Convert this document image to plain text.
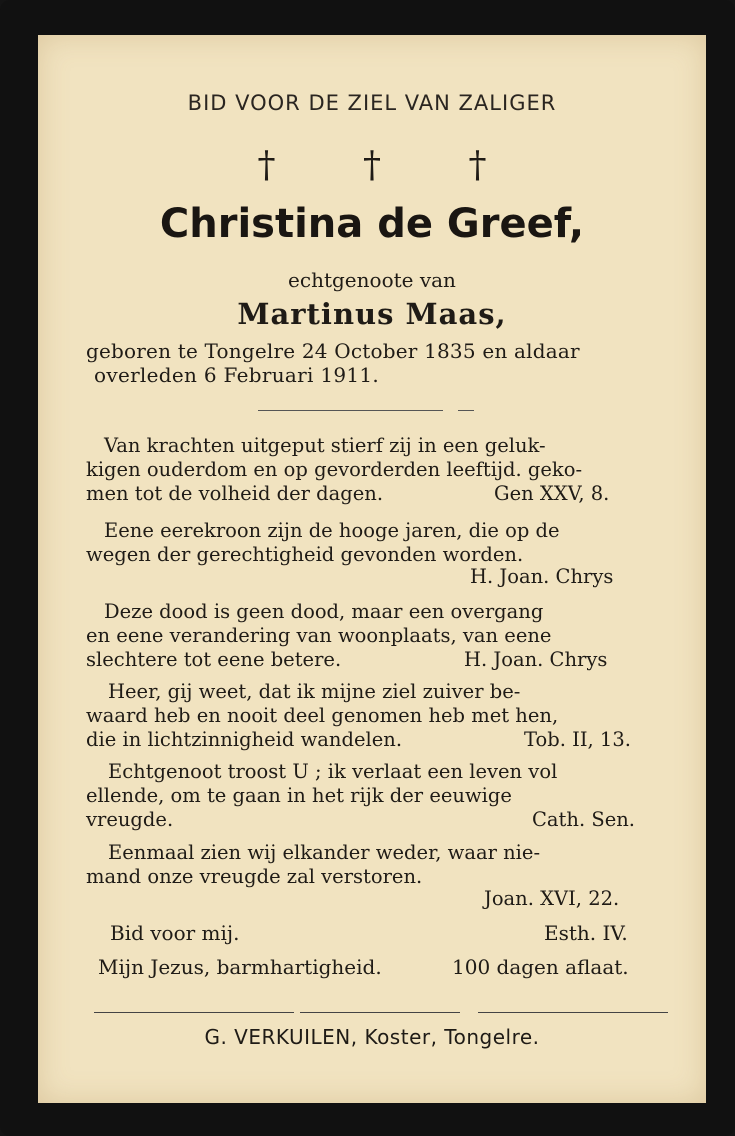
BID VOOR DE ZIEL VAN ZALIGER
† † †
Christina de Greef,
echtgenoote van
Martinus Maas,
geboren te Tongelre 24 October 1835 en aldaar
overleden 6 Februari 1911.
Van krachten uitgeput stierf zij in een geluk-
kigen ouderdom en op gevorderden leeftijd. geko-
men tot de volheid der dagen.	Gen XXV, 8.
Eene eerekroon zijn de hooge jaren, die op de
wegen der gerechtigheid gevonden worden.
H. Joan. Chrys
Deze dood is geen dood, maar een overgang
en eene verandering van woonplaats, van eene
slechtere tot eene betere.	H. Joan. Chrys
Heer, gij weet, dat ik mijne ziel zuiver be-
waard heb en nooit deel genomen heb met hen,
die in lichtzinnigheid wandelen.	Tob. II, 13.
Echtgenoot troost U ; ik verlaat een leven vol
ellende, om te gaan in het rijk der eeuwige
vreugde.	Cath. Sen.
Eenmaal zien wij elkander weder, waar nie-
mand onze vreugde zal verstoren.
Joan. XVI, 22.
Bid voor mij.	Esth. IV.
Mijn Jezus, barmhartigheid.	100 dagen aflaat.
G. VERKUILEN, Koster, Tongelre.
